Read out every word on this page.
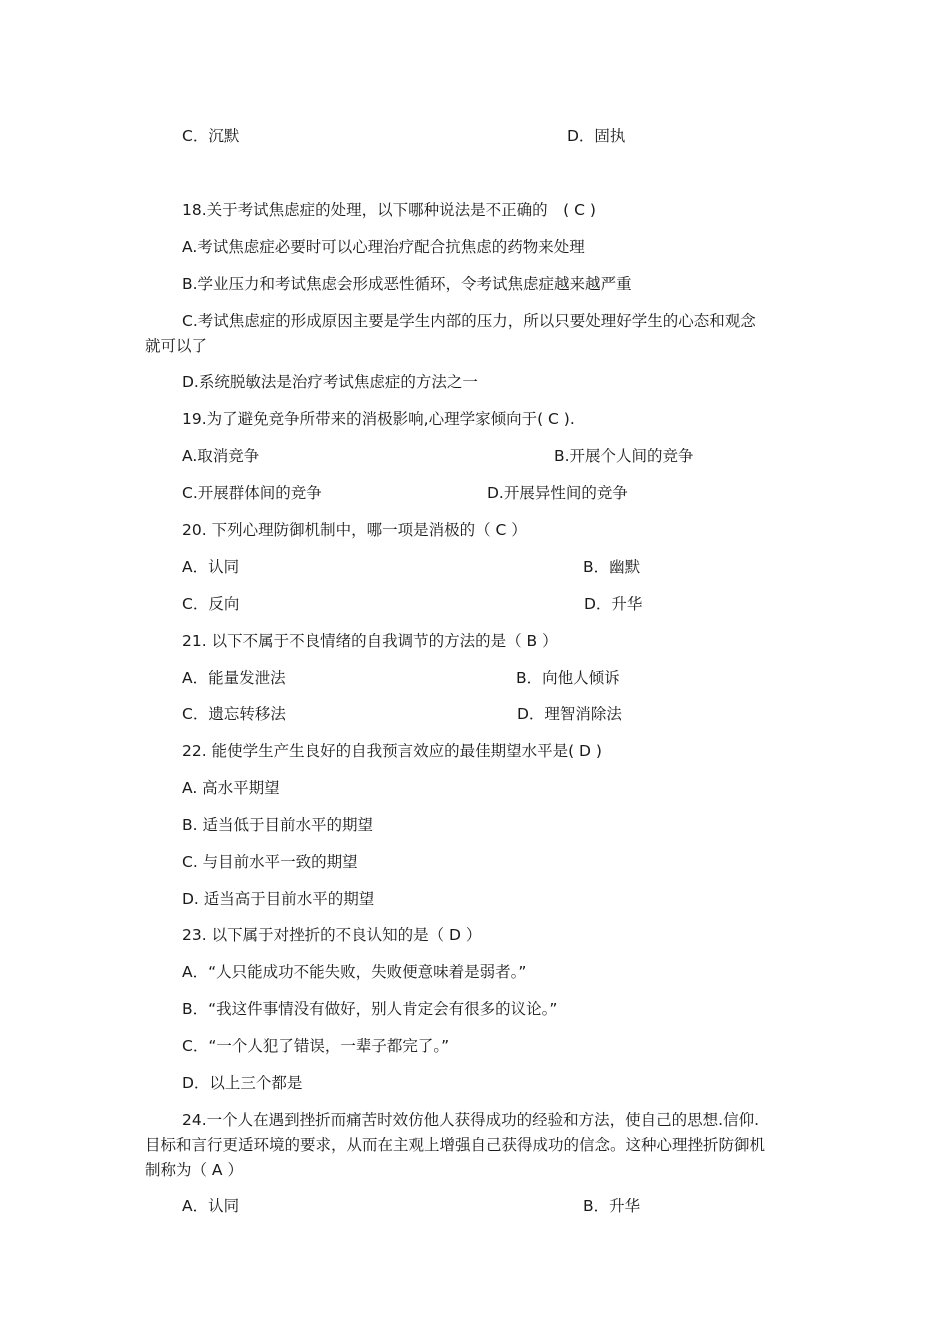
C．沉默	D．固执
18.关于考试焦虑症的处理，以下哪种说法是不正确的　( C )
A.考试焦虑症必要时可以心理治疗配合抗焦虑的药物来处理
B.学业压力和考试焦虑会形成恶性循环，令考试焦虑症越来越严重
C.考试焦虑症的形成原因主要是学生内部的压力，所以只要处理好学生的心态和观念
就可以了
D.系统脱敏法是治疗考试焦虑症的方法之一
19.为了避免竞争所带来的消极影响,心理学家倾向于( C ).
A.取消竞争	B.开展个人间的竞争
C.开展群体间的竞争	D.开展异性间的竞争
20. 下列心理防御机制中，哪一项是消极的（ C ）
A．认同	B．幽默
C．反向	D．升华
21. 以下不属于不良情绪的自我调节的方法的是（ B ）
A．能量发泄法	B．向他人倾诉
C．遗忘转移法	D．理智消除法
22. 能使学生产生良好的自我预言效应的最佳期望水平是( D )
A. 高水平期望
B. 适当低于目前水平的期望
C. 与目前水平一致的期望
D. 适当高于目前水平的期望
23. 以下属于对挫折的不良认知的是（ D ）
A．“人只能成功不能失败，失败便意味着是弱者。”
B．“我这件事情没有做好，别人肯定会有很多的议论。”
C．“一个人犯了错误，一辈子都完了。”
D．以上三个都是
24.一个人在遇到挫折而痛苦时效仿他人获得成功的经验和方法，使自己的思想.信仰.
目标和言行更适环境的要求，从而在主观上增强自己获得成功的信念。这种心理挫折防御机
制称为（ A ）
A．认同	B．升华
